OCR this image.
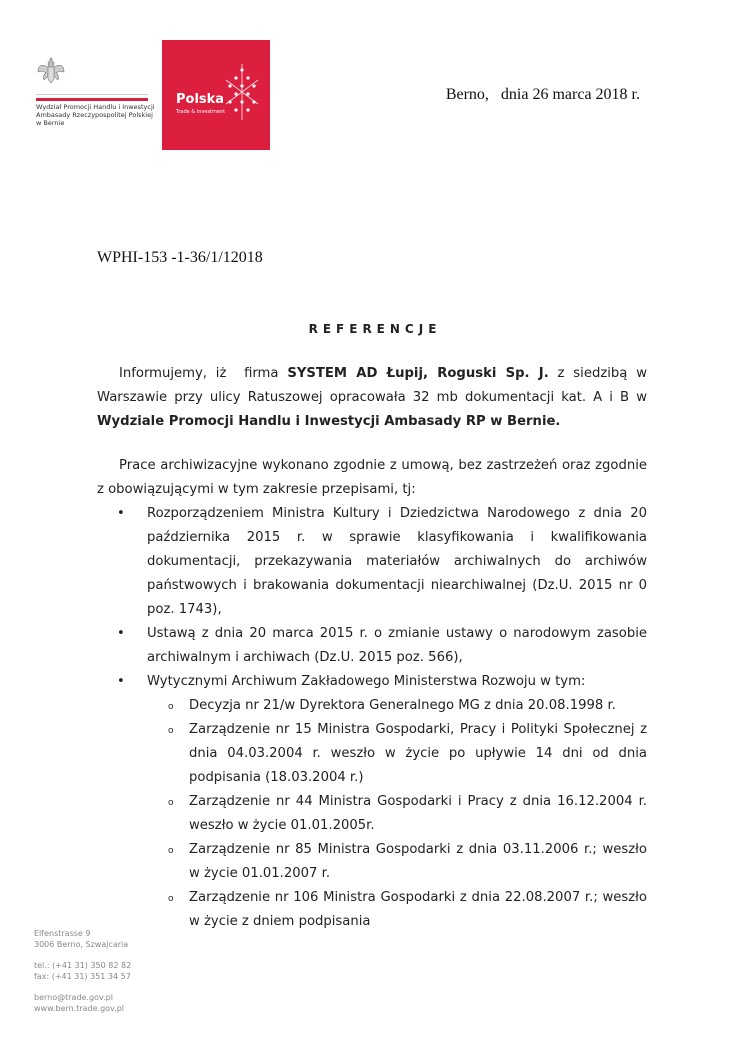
Wydział Promocji Handlu i Inwestycji
Ambasady Rzeczypospolitej Polskiej
w Bernie
Polska
Trade & Investment
Berno,   dnia 26 marca 2018 r.
WPHI-153 -1-36/1/12018
REFERENCJE
Informujemy, iż  firma SYSTEM AD Łupij, Roguski Sp. J. z siedzibą w Warszawie przy ulicy Ratuszowej opracowała 32 mb dokumentacji kat. A i B w Wydziale Promocji Handlu i Inwestycji Ambasady RP w Bernie.
Prace archiwizacyjne wykonano zgodnie z umową, bez zastrzeżeń oraz zgodnie z obowiązującymi w tym zakresie przepisami, tj:
• Rozporządzeniem Ministra Kultury i Dziedzictwa Narodowego z dnia 20 października 2015 r. w sprawie klasyfikowania i kwalifikowania dokumentacji, przekazywania materiałów archiwalnych do archiwów państwowych i brakowania dokumentacji niearchiwalnej (Dz.U. 2015 nr 0 poz. 1743),
• Ustawą z dnia 20 marca 2015 r. o zmianie ustawy o narodowym zasobie archiwalnym i archiwach (Dz.U. 2015 poz. 566),
• Wytycznymi Archiwum Zakładowego Ministerstwa Rozwoju w tym:
o Decyzja nr 21/w Dyrektora Generalnego MG z dnia 20.08.1998 r.
o Zarządzenie nr 15 Ministra Gospodarki, Pracy i Polityki Społecznej z dnia 04.03.2004 r. weszło w życie po upływie 14 dni od dnia podpisania (18.03.2004 r.)
o Zarządzenie nr 44 Ministra Gospodarki i Pracy z dnia 16.12.2004 r. weszło w życie 01.01.2005r.
o Zarządzenie nr 85 Ministra Gospodarki z dnia 03.11.2006 r.; weszło w życie 01.01.2007 r.
o Zarządzenie nr 106 Ministra Gospodarki z dnia 22.08.2007 r.; weszło w życie z dniem podpisania
Elfenstrasse 9
3006 Berno, Szwajcaria
tel.: (+41 31) 350 82 82
fax: (+41 31) 351 34 57
berno@trade.gov.pl
www.bern.trade.gov.pl
